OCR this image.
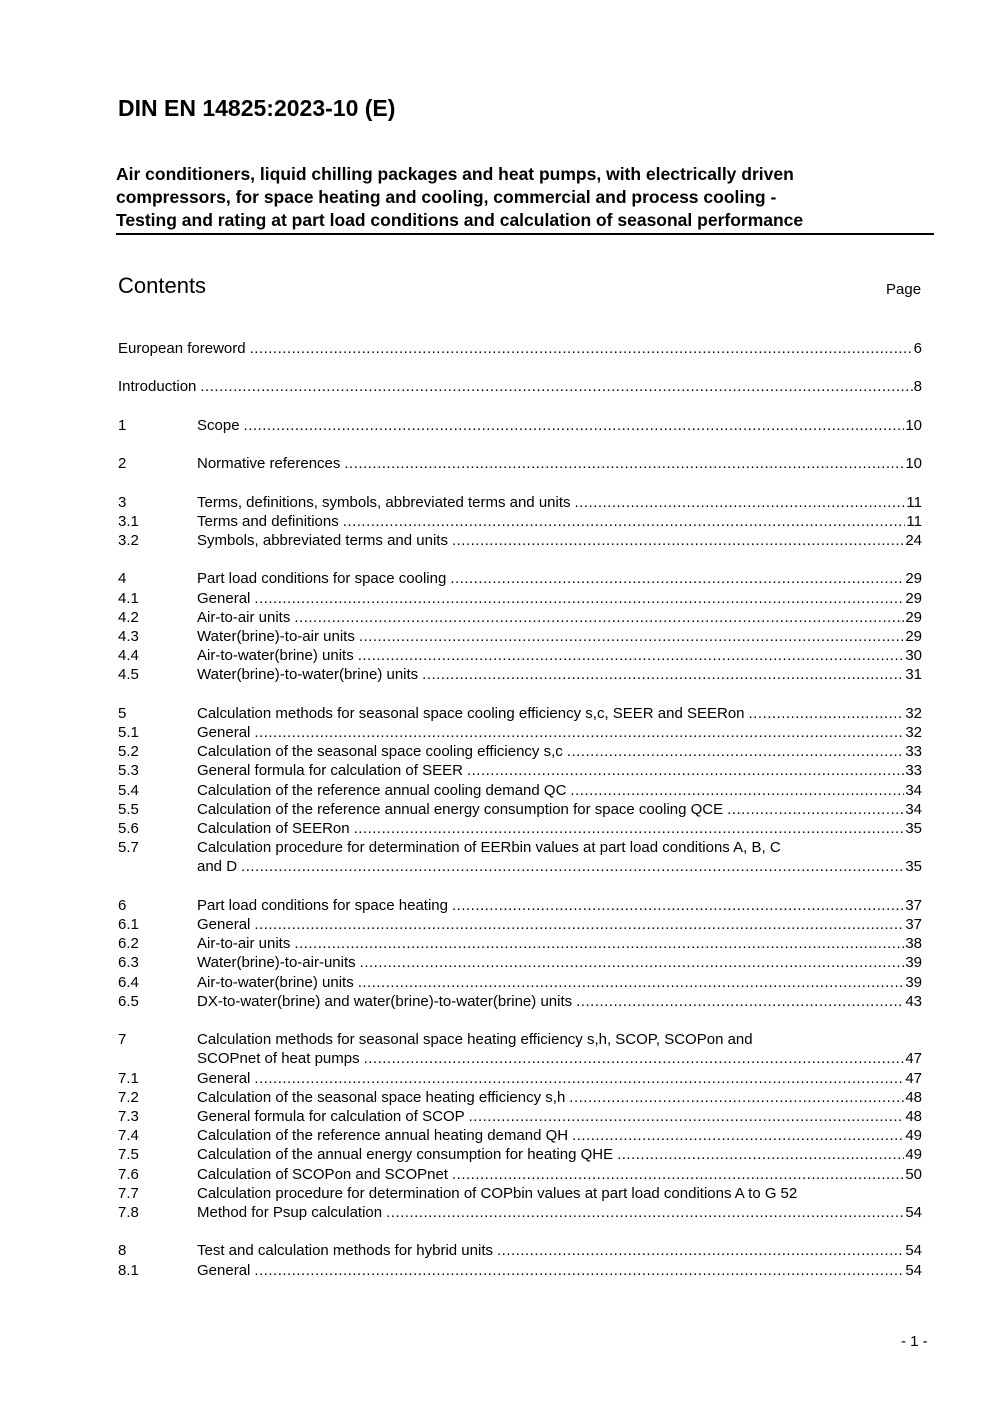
DIN EN 14825:2023-10 (E)
Air conditioners, liquid chilling packages and heat pumps, with electrically driven
compressors, for space heating and cooling, commercial and process cooling -
Testing and rating at part load conditions and calculation of seasonal performance
Contents	Page

European foreword .....	6
Introduction .....	8
1	Scope .....	10
2	Normative references .....	10
3	Terms, definitions, symbols, abbreviated terms and units .....	11
3.1	Terms and definitions .....	11
3.2	Symbols, abbreviated terms and units .....	24
4	Part load conditions for space cooling .....	29
4.1	General .....	29
4.2	Air-to-air units .....	29
4.3	Water(brine)-to-air units .....	29
4.4	Air-to-water(brine) units .....	30
4.5	Water(brine)-to-water(brine) units .....	31
5	Calculation methods for seasonal space cooling efficiency s,c, SEER and SEERon .....	32
5.1	General .....	32
5.2	Calculation of the seasonal space cooling efficiency s,c .....	33
5.3	General formula for calculation of SEER .....	33
5.4	Calculation of the reference annual cooling demand QC .....	34
5.5	Calculation of the reference annual energy consumption for space cooling QCE .....	34
5.6	Calculation of SEERon .....	35
5.7	Calculation procedure for determination of EERbin values at part load conditions A, B, C
and D .....	35
6	Part load conditions for space heating .....	37
6.1	General .....	37
6.2	Air-to-air units .....	38
6.3	Water(brine)-to-air-units .....	39
6.4	Air-to-water(brine) units .....	39
6.5	DX-to-water(brine) and water(brine)-to-water(brine) units .....	43
7	Calculation methods for seasonal space heating efficiency s,h, SCOP, SCOPon and
SCOPnet of heat pumps .....	47
7.1	General .....	47
7.2	Calculation of the seasonal space heating efficiency s,h .....	48
7.3	General formula for calculation of SCOP .....	48
7.4	Calculation of the reference annual heating demand QH .....	49
7.5	Calculation of the annual energy consumption for heating QHE .....	49
7.6	Calculation of SCOPon and SCOPnet .....	50
7.7	Calculation procedure for determination of COPbin values at part load conditions A to G 52
7.8	Method for Psup calculation .....	54
8	Test and calculation methods for hybrid units .....	54
8.1	General .....	54

- 1 -
